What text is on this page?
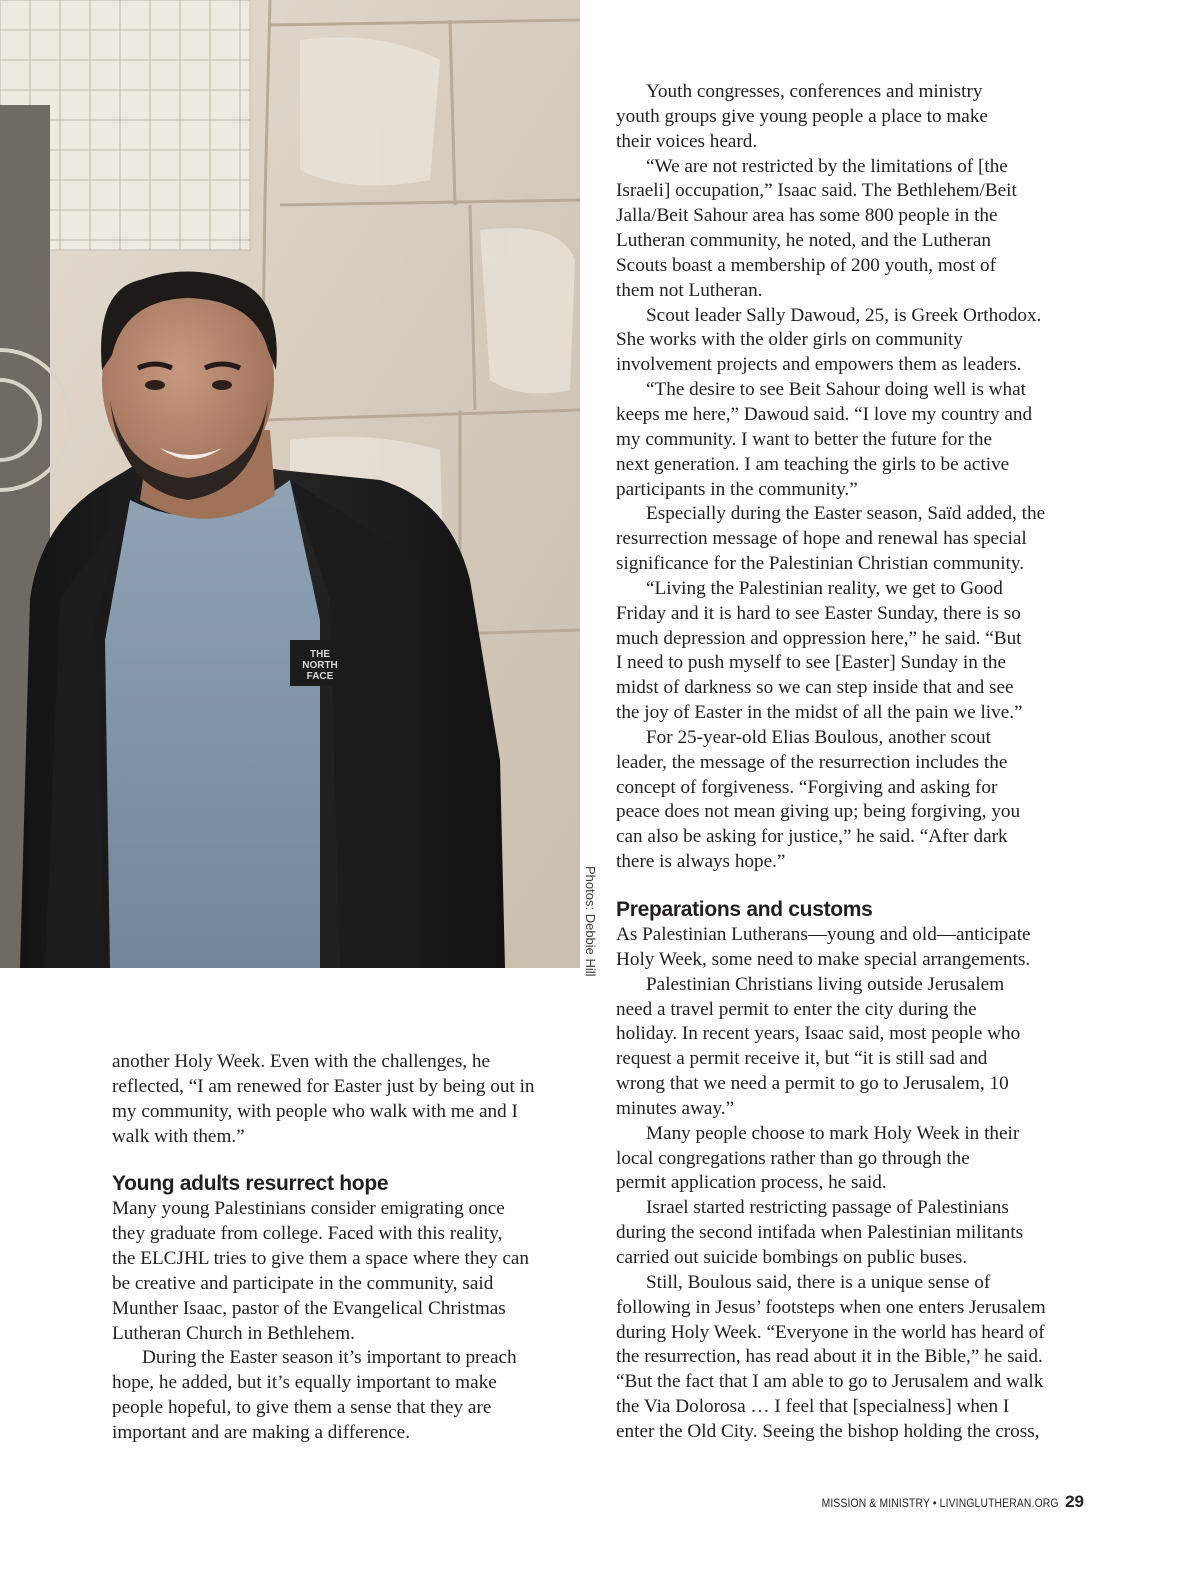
THE
NORTH
FACE
Photos: Debbie Hill

another Holy Week. Even with the challenges, he
reflected, “I am renewed for Easter just by being out in
my community, with people who walk with me and I
walk with them.”

Young adults resurrect hope

Many young Palestinians consider emigrating once
they graduate from college. Faced with this reality,
the ELCJHL tries to give them a space where they can
be creative and participate in the community, said
Munther Isaac, pastor of the Evangelical Christmas
Lutheran Church in Bethlehem.

During the Easter season it’s important to preach
hope, he added, but it’s equally important to make
people hopeful, to give them a sense that they are
important and are making a difference.

Youth congresses, conferences and ministry
youth groups give young people a place to make
their voices heard.

“We are not restricted by the limitations of [the
Israeli] occupation,” Isaac said. The Bethlehem/Beit
Jalla/Beit Sahour area has some 800 people in the
Lutheran community, he noted, and the Lutheran
Scouts boast a membership of 200 youth, most of
them not Lutheran.

Scout leader Sally Dawoud, 25, is Greek Orthodox.
She works with the older girls on community
involvement projects and empowers them as leaders.

“The desire to see Beit Sahour doing well is what
keeps me here,” Dawoud said. “I love my country and
my community. I want to better the future for the
next generation. I am teaching the girls to be active
participants in the community.”

Especially during the Easter season, Saïd added, the
resurrection message of hope and renewal has special
significance for the Palestinian Christian community.

“Living the Palestinian reality, we get to Good
Friday and it is hard to see Easter Sunday, there is so
much depression and oppression here,” he said. “But
I need to push myself to see [Easter] Sunday in the
midst of darkness so we can step inside that and see
the joy of Easter in the midst of all the pain we live.”

For 25-year-old Elias Boulous, another scout
leader, the message of the resurrection includes the
concept of forgiveness. “Forgiving and asking for
peace does not mean giving up; being forgiving, you
can also be asking for justice,” he said. “After dark
there is always hope.”

Preparations and customs

As Palestinian Lutherans—young and old—anticipate
Holy Week, some need to make special arrangements.

Palestinian Christians living outside Jerusalem
need a travel permit to enter the city during the
holiday. In recent years, Isaac said, most people who
request a permit receive it, but “it is still sad and
wrong that we need a permit to go to Jerusalem, 10
minutes away.”

Many people choose to mark Holy Week in their
local congregations rather than go through the
permit application process, he said.

Israel started restricting passage of Palestinians
during the second intifada when Palestinian militants
carried out suicide bombings on public buses.

Still, Boulous said, there is a unique sense of
following in Jesus’ footsteps when one enters Jerusalem
during Holy Week. “Everyone in the world has heard of
the resurrection, has read about it in the Bible,” he said.
“But the fact that I am able to go to Jerusalem and walk
the Via Dolorosa … I feel that [specialness] when I
enter the Old City. Seeing the bishop holding the cross,

MISSION & MINISTRY • LIVINGLUTHERAN.ORG 29
